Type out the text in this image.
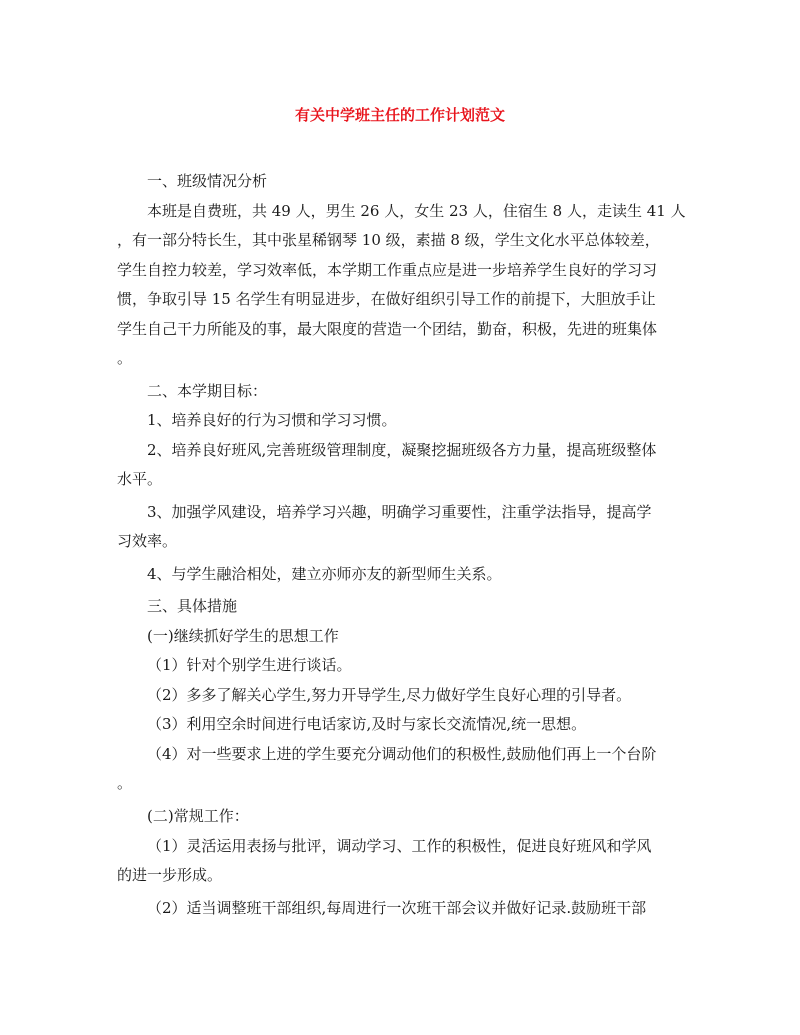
有关中学班主任的工作计划范文
一、班级情况分析
本班是自费班，共 49 人，男生 26 人，女生 23 人，住宿生 8 人，走读生 41 人
，有一部分特长生，其中张星稀钢琴 10 级，素描 8 级，学生文化水平总体较差，
学生自控力较差，学习效率低，本学期工作重点应是进一步培养学生良好的学习习
惯，争取引导 15 名学生有明显进步，在做好组织引导工作的前提下，大胆放手让
学生自己干力所能及的事，最大限度的营造一个团结，勤奋，积极，先进的班集体
。
二、本学期目标：
1、培养良好的行为习惯和学习习惯。
2、培养良好班风,完善班级管理制度，凝聚挖掘班级各方力量，提高班级整体
水平。
3、加强学风建设，培养学习兴趣，明确学习重要性，注重学法指导，提高学
习效率。
4、与学生融洽相处，建立亦师亦友的新型师生关系。
三、具体措施
(一)继续抓好学生的思想工作
（1）针对个别学生进行谈话。
（2）多多了解关心学生,努力开导学生,尽力做好学生良好心理的引导者。
（3）利用空余时间进行电话家访,及时与家长交流情况,统一思想。
（4）对一些要求上进的学生要充分调动他们的积极性,鼓励他们再上一个台阶
。
(二)常规工作：
（1）灵活运用表扬与批评，调动学习、工作的积极性，促进良好班风和学风
的进一步形成。
（2）适当调整班干部组织,每周进行一次班干部会议并做好记录.鼓励班干部
